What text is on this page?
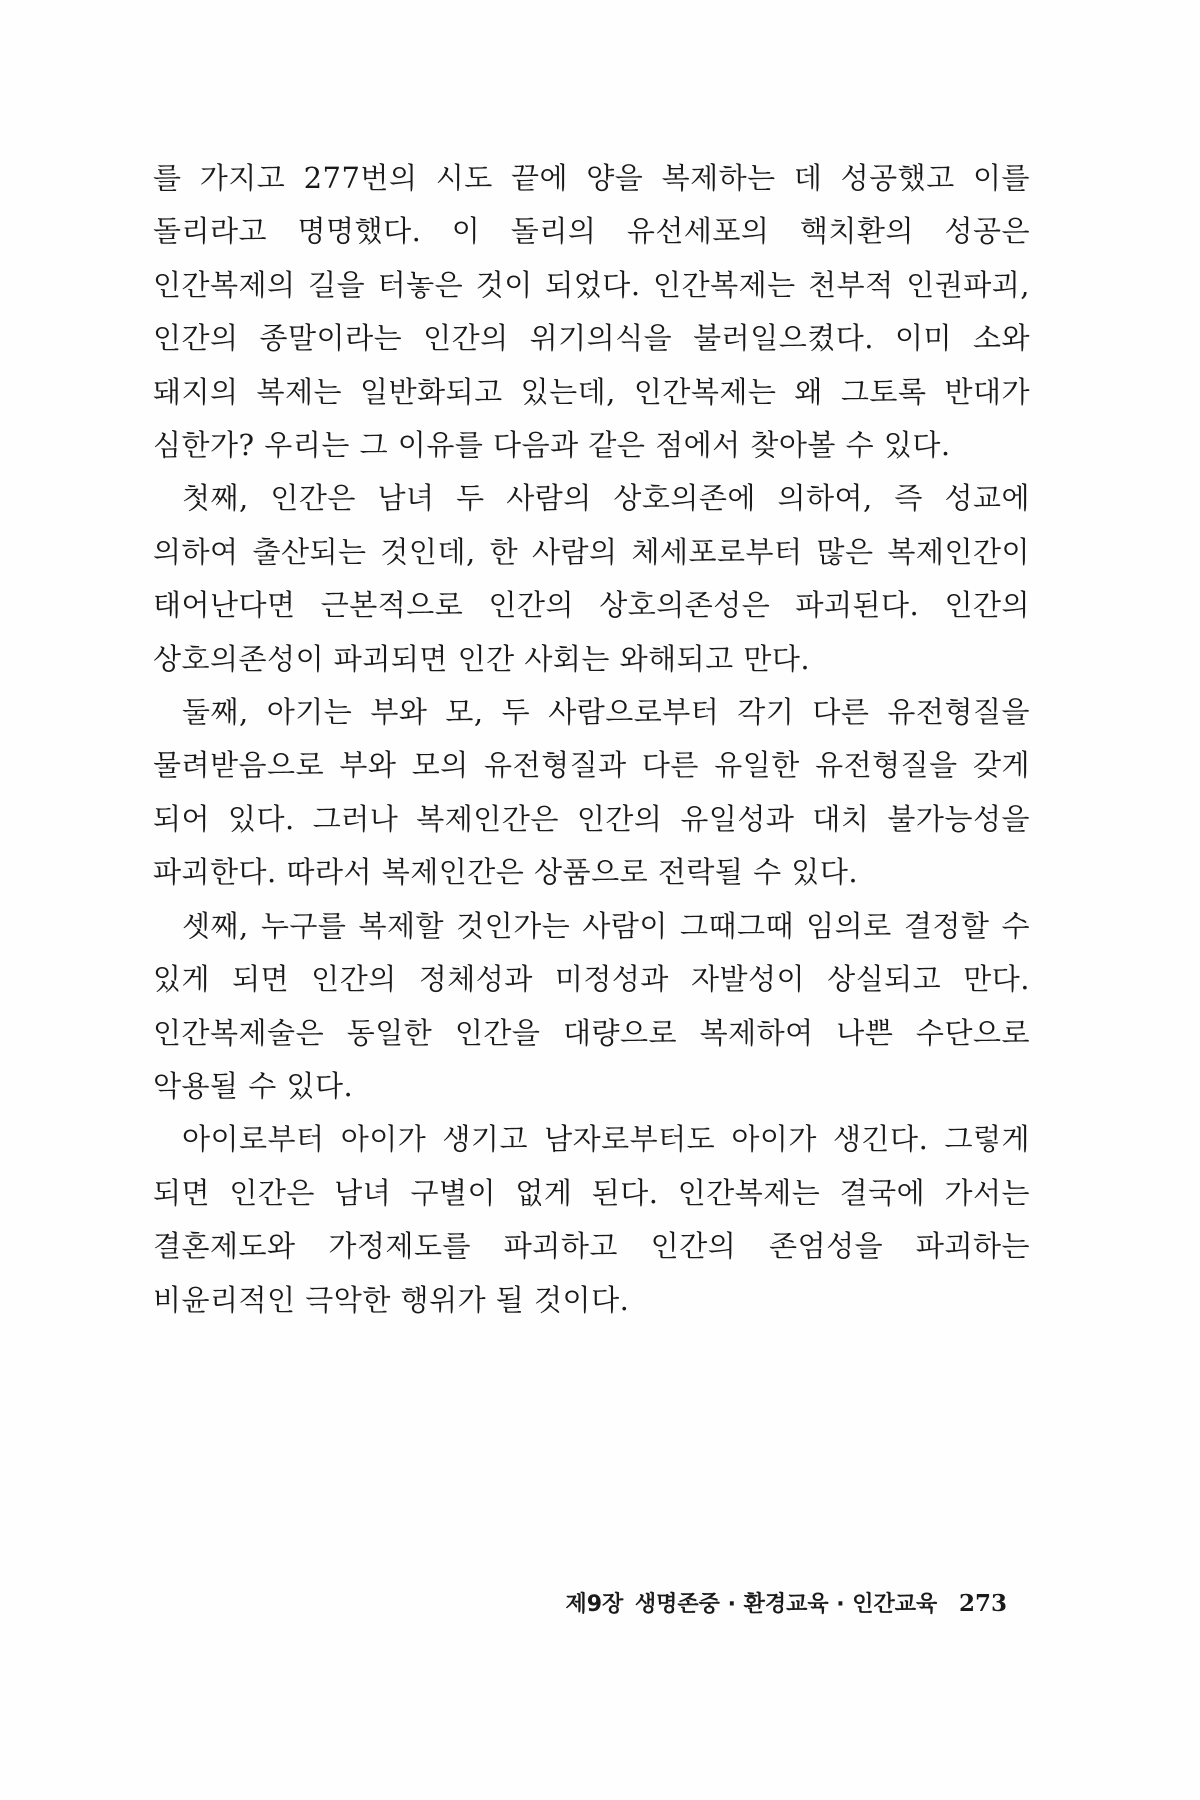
를 가지고 277번의 시도 끝에 양을 복제하는 데 성공했고 이를 돌리라고 명명했다. 이 돌리의 유선세포의 핵치환의 성공은 인간복제의 길을 터놓은 것이 되었다. 인간복제는 천부적 인권파괴, 인간의 종말이라는 인간의 위기의식을 불러일으켰다. 이미 소와 돼지의 복제는 일반화되고 있는데, 인간복제는 왜 그토록 반대가 심한가? 우리는 그 이유를 다음과 같은 점에서 찾아볼 수 있다.

첫째, 인간은 남녀 두 사람의 상호의존에 의하여, 즉 성교에 의하여 출산되는 것인데, 한 사람의 체세포로부터 많은 복제인간이 태어난다면 근본적으로 인간의 상호의존성은 파괴된다. 인간의 상호의존성이 파괴되면 인간 사회는 와해되고 만다.

둘째, 아기는 부와 모, 두 사람으로부터 각기 다른 유전형질을 물려받음으로 부와 모의 유전형질과 다른 유일한 유전형질을 갖게 되어 있다. 그러나 복제인간은 인간의 유일성과 대치 불가능성을 파괴한다. 따라서 복제인간은 상품으로 전락될 수 있다.

셋째, 누구를 복제할 것인가는 사람이 그때그때 임의로 결정할 수 있게 되면 인간의 정체성과 미정성과 자발성이 상실되고 만다. 인간복제술은 동일한 인간을 대량으로 복제하여 나쁜 수단으로 악용될 수 있다.

아이로부터 아이가 생기고 남자로부터도 아이가 생긴다. 그렇게 되면 인간은 남녀 구별이 없게 된다. 인간복제는 결국에 가서는 결혼제도와 가정제도를 파괴하고 인간의 존엄성을 파괴하는 비윤리적인 극악한 행위가 될 것이다.

제9장 생명존중 · 환경교육 · 인간교육 273
